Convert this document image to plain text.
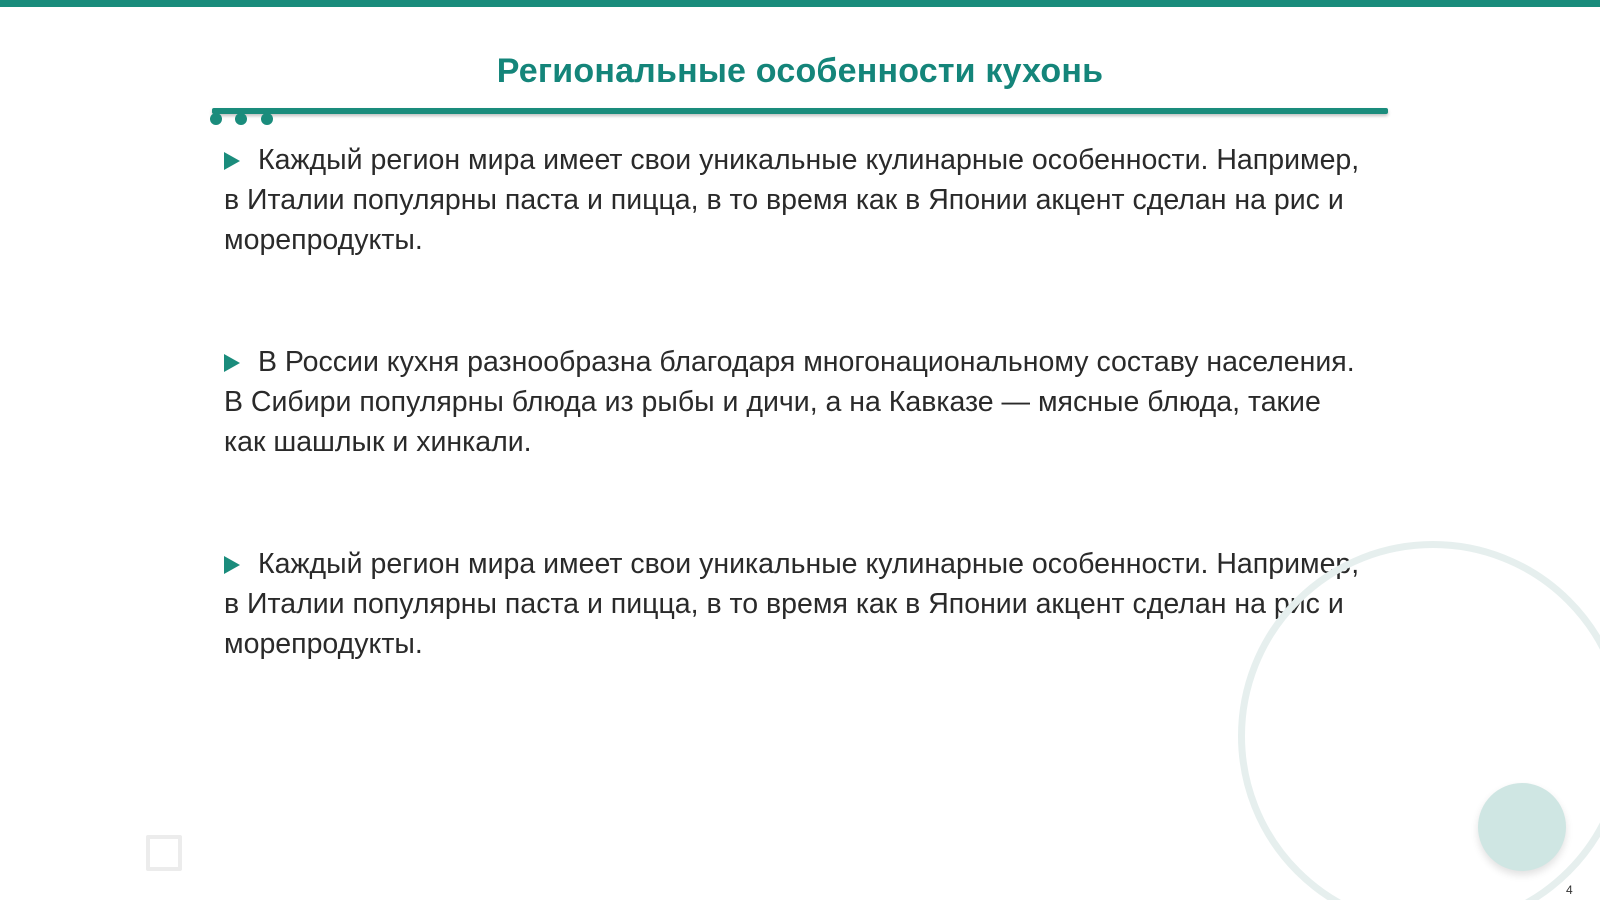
Региональные особенности кухонь

Каждый регион мира имеет свои уникальные кулинарные особенности. Например, в Италии популярны паста и пицца, в то время как в Японии акцент сделан на рис и морепродукты.

В России кухня разнообразна благодаря многонациональному составу населения. В Сибири популярны блюда из рыбы и дичи, а на Кавказе — мясные блюда, такие как шашлык и хинкали.

Каждый регион мира имеет свои уникальные кулинарные особенности. Например, в Италии популярны паста и пицца, в то время как в Японии акцент сделан на рис и морепродукты.

4
